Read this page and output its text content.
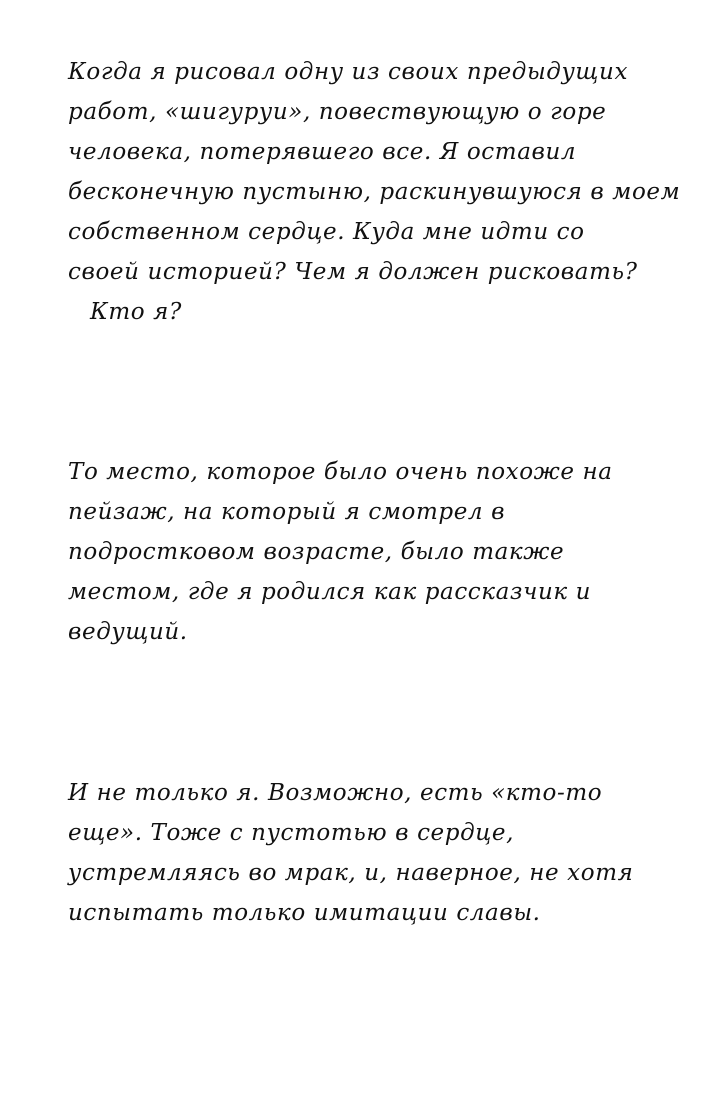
Когда я рисовал одну из своих предыдущих
работ, «шигуруи», повествующую о горе
человека, потерявшего все. Я оставил
бесконечную пустыню, раскинувшуюся в моем
собственном сердце. Куда мне идти со
своей историей? Чем я должен рисковать?
Кто я?
То место, которое было очень похоже на
пейзаж, на который я смотрел в
подростковом возрасте, было также
местом, где я родился как рассказчик и
ведущий.
И не только я. Возможно, есть «кто-то
еще». Тоже с пустотью в сердце,
устремляясь во мрак, и, наверное, не хотя
испытать только имитации славы.
